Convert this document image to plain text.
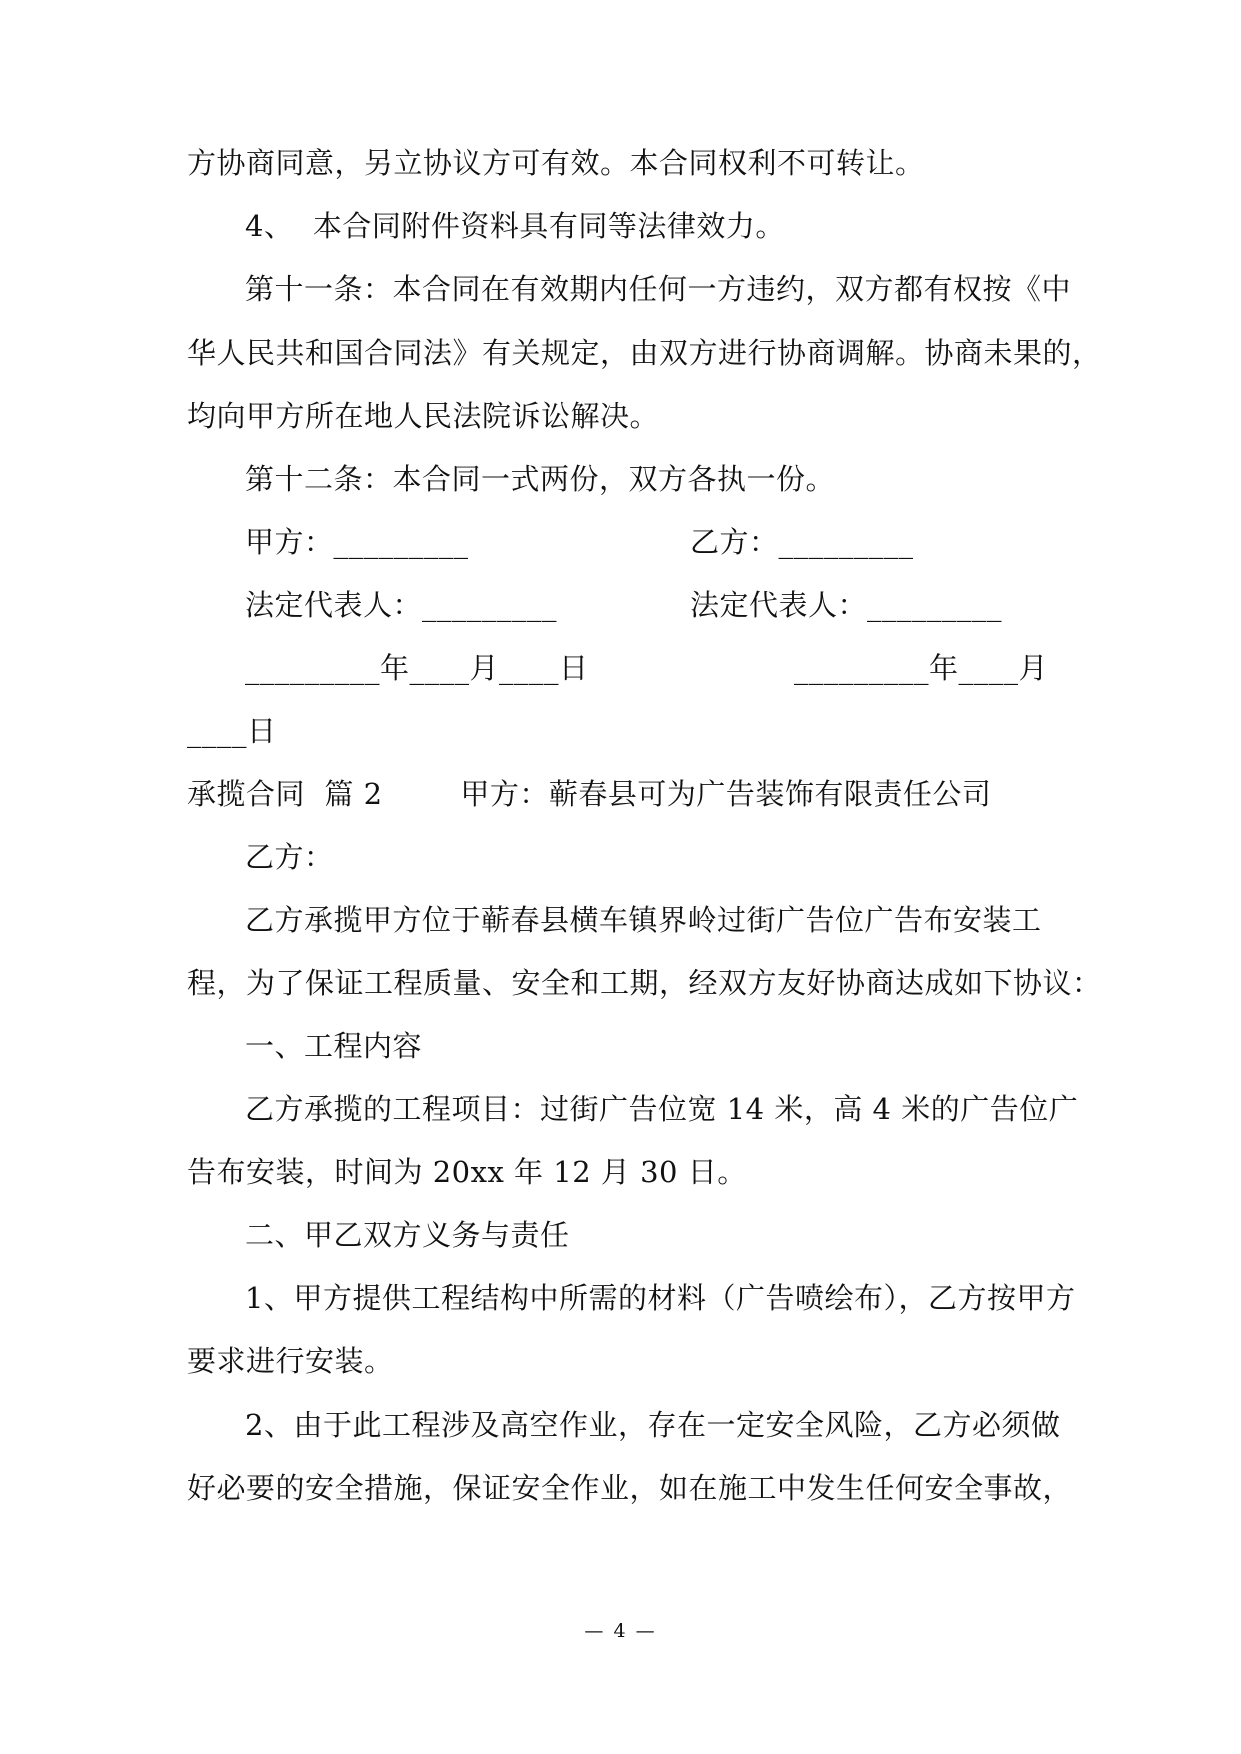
方协商同意，另立协议方可有效。本合同权利不可转让。
4、  本合同附件资料具有同等法律效力。
第十一条：本合同在有效期内任何一方违约，双方都有权按《中
华人民共和国合同法》有关规定，由双方进行协商调解。协商未果的，
均向甲方所在地人民法院诉讼解决。
第十二条：本合同一式两份，双方各执一份。
甲方：_________	乙方：_________
法定代表人：_________	法定代表人：_________
_________年____月____日	_________年____月
____日
承揽合同  篇 2        甲方：蕲春县可为广告装饰有限责任公司
乙方：
乙方承揽甲方位于蕲春县横车镇界岭过街广告位广告布安装工
程，为了保证工程质量、安全和工期，经双方友好协商达成如下协议：
一、工程内容
乙方承揽的工程项目：过街广告位宽 14 米，高 4 米的广告位广
告布安装，时间为 20xx 年 12 月 30 日。
二、甲乙双方义务与责任
1、甲方提供工程结构中所需的材料（广告喷绘布），乙方按甲方
要求进行安装。
2、由于此工程涉及高空作业，存在一定安全风险，乙方必须做
好必要的安全措施，保证安全作业，如在施工中发生任何安全事故，
— 4 —
